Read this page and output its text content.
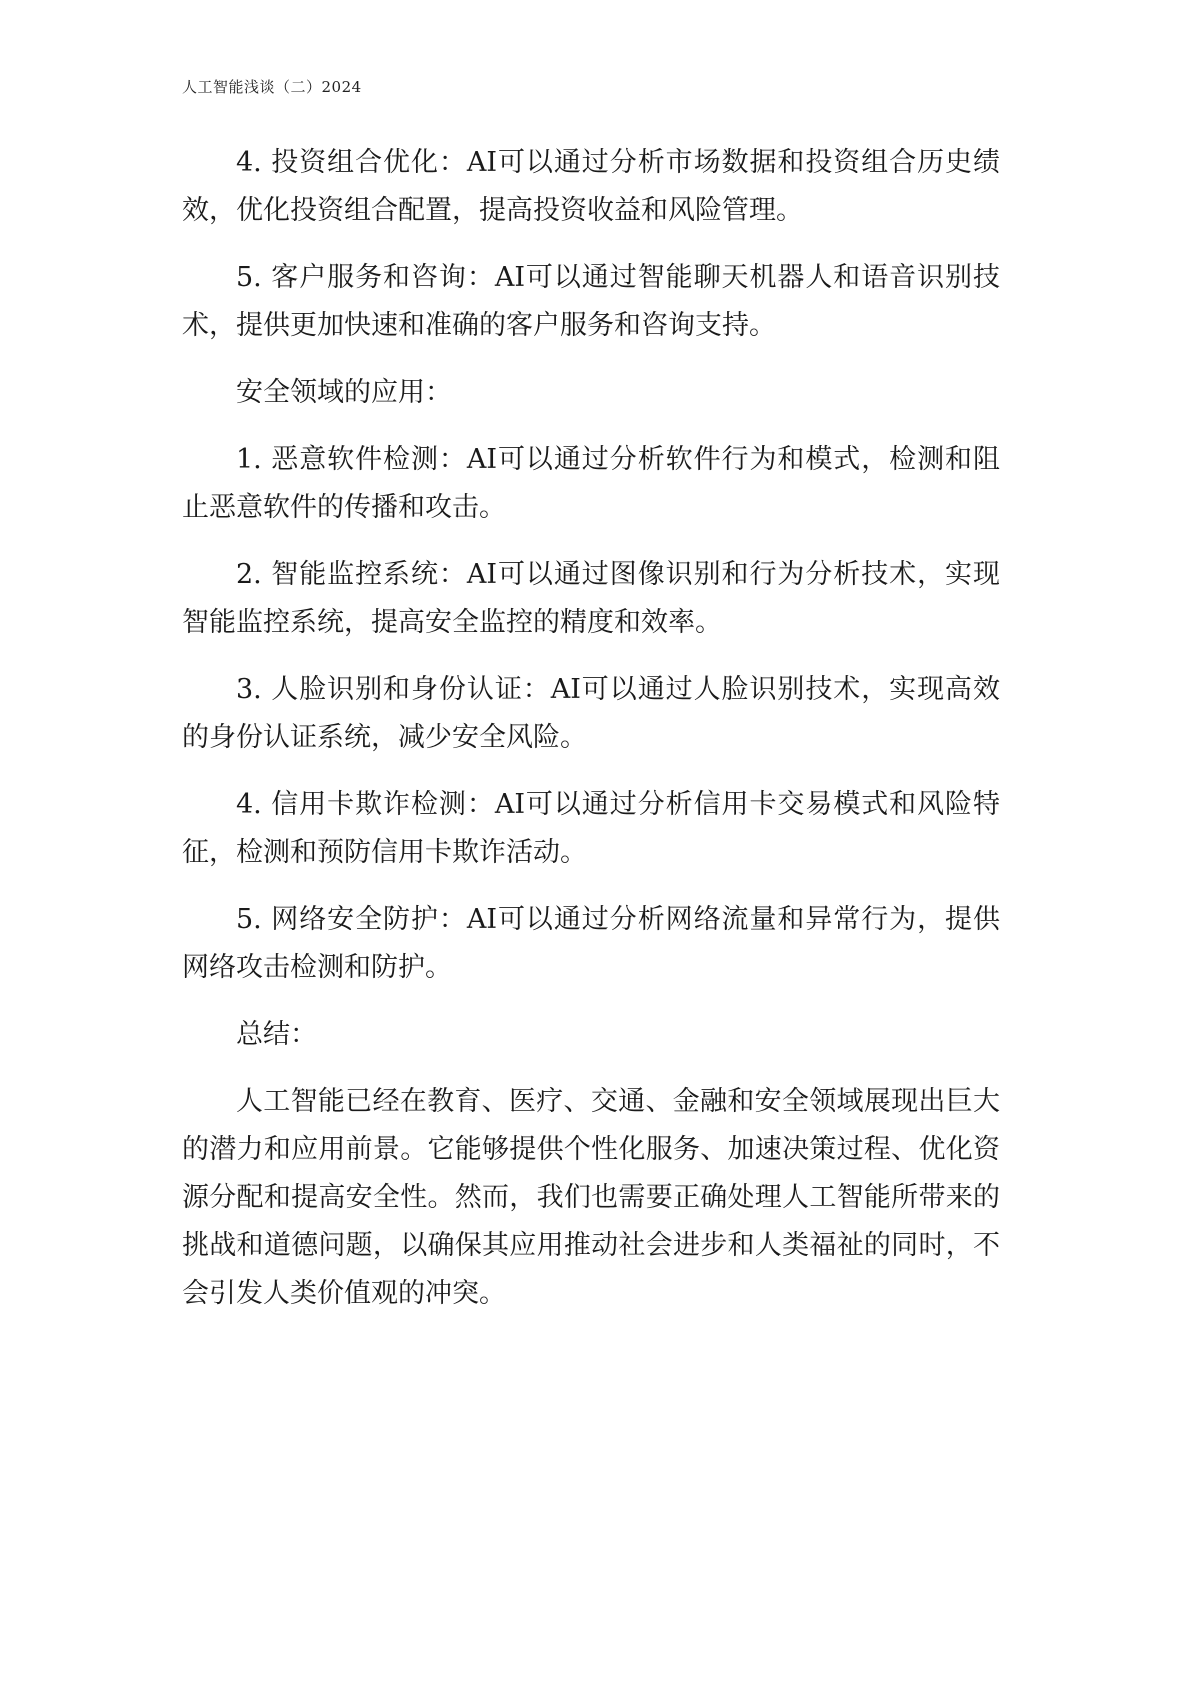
人工智能浅谈（二）2024

4. 投资组合优化：AI可以通过分析市场数据和投资组合历史绩效，优化投资组合配置，提高投资收益和风险管理。

5. 客户服务和咨询：AI可以通过智能聊天机器人和语音识别技术，提供更加快速和准确的客户服务和咨询支持。

安全领域的应用：

1. 恶意软件检测：AI可以通过分析软件行为和模式，检测和阻止恶意软件的传播和攻击。

2. 智能监控系统：AI可以通过图像识别和行为分析技术，实现智能监控系统，提高安全监控的精度和效率。

3. 人脸识别和身份认证：AI可以通过人脸识别技术，实现高效的身份认证系统，减少安全风险。

4. 信用卡欺诈检测：AI可以通过分析信用卡交易模式和风险特征，检测和预防信用卡欺诈活动。

5. 网络安全防护：AI可以通过分析网络流量和异常行为，提供网络攻击检测和防护。

总结：

人工智能已经在教育、医疗、交通、金融和安全领域展现出巨大的潜力和应用前景。它能够提供个性化服务、加速决策过程、优化资源分配和提高安全性。然而，我们也需要正确处理人工智能所带来的挑战和道德问题，以确保其应用推动社会进步和人类福祉的同时，不会引发人类价值观的冲突。
